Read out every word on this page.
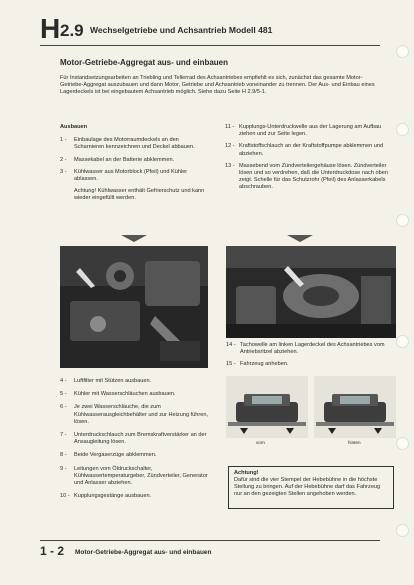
H 2.9 Wechselgetriebe und Achsantrieb Modell 481
Motor-Getriebe-Aggregat aus- und einbauen
Für Instandsetzungsarbeiten an Triebling und Tellerrad des Achsantriebes empfiehlt es sich, zunächst das gesamte Motor-Getriebe-Aggregat auszubauen und dann Motor, Getriebe und Achsantrieb voneinander zu trennen. Der Aus- und Einbau eines Lagerdeckels ist bei eingebautem Achsantrieb möglich. Siehe dazu Seite H 2.9/5-1.
Ausbauen
1 -	Einbaulage des Motorraumdeckels an den Scharnieren kennzeichnen und Deckel abbauen.
2 -	Massekabel an der Batterie abklemmen.
3 -	Kühlwasser aus Motorblock (Pfeil) und Kühler ablassen.
Achtung! Kühlwasser enthält Gefrierschutz und kann wieder eingefüllt werden.
11 - Kupplungs-Unterdruckwelle aus der Lagerung am Aufbau ziehen und zur Seite legen.
12 - Kraftstoffschlauch an der Kraftstoffpumpe abklemmen und abziehen.
13 - Massebend vom Zündverteilergehäuse lösen. Zündverteiler lösen und so verdrehen, daß die Unterdruckdose nach oben zeigt. Schelle für das Schutzrohr (Pfeil) des Anlasserkabels abschrauben.
14 - Tachowelle am linken Lagerdeckel des Achsantriebes vom Antriebsritzel abziehen.
15 - Fahrzeug anheben.
4 -	Luftfilter mit Stützen ausbauen.
5 -	Kühler mit Wasserschläuchen ausbauen.
6 -	Je zwei Wasserschläuche, die zum Kühlwasserausgleichbehälter und zur Heizung führen, lösen.
7 -	Unterdruckschlauch zum Bremskraftverstärker an der Ansaugleitung lösen.
8 -	Beide Vergaserzüge abklemmen.
9 -	Leitungen vom Öldruckschalter, Kühlwassertemperaturgeber, Zündverteiler, Generator und Anlasser abziehen.
10 - Kupplungsgestänge ausbauen.
vorn	hinten
Achtung!
Dafür sind die vier Stempel der Hebebühne in die höchste Stellung zu bringen. Auf der Hebebühne darf das Fahrzeug nur an den gezeigten Stellen angehoben werden.
1 - 2 Motor-Getriebe-Aggregat aus- und einbauen
